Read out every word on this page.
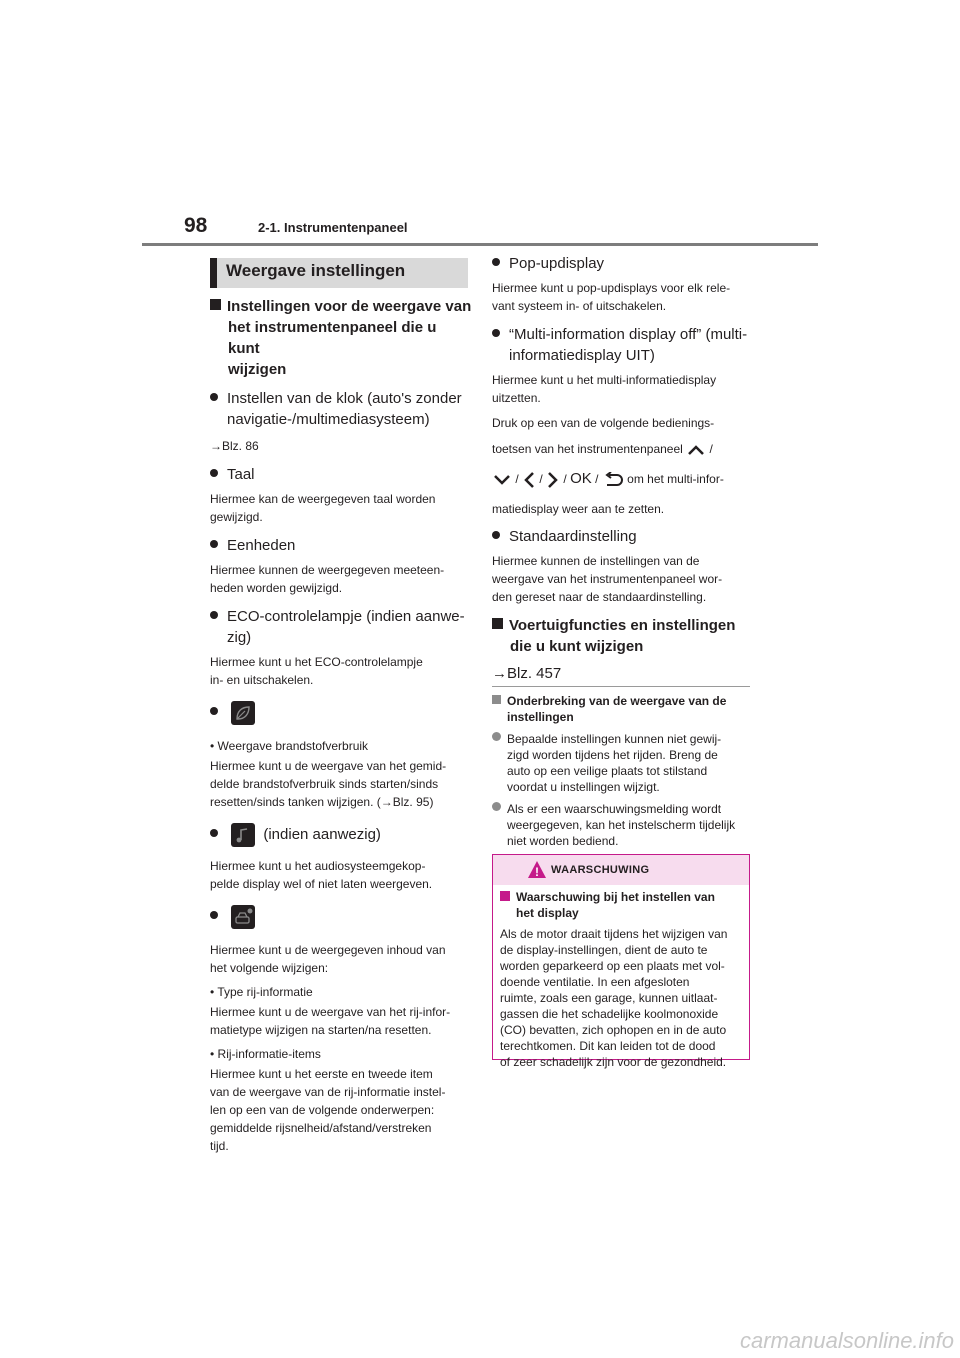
98	2-1. Instrumentenpaneel
Weergave instellingen
Instellingen voor de weergave van
het instrumentenpaneel die u kunt
wijzigen
Instellen van de klok (auto's zonder
navigatie-/multimediasysteem)
→Blz. 86
Taal
Hiermee kan de weergegeven taal worden
gewijzigd.
Eenheden
Hiermee kunnen de weergegeven meeteen-
heden worden gewijzigd.
ECO-controlelampje (indien aanwe-
zig)
Hiermee kunt u het ECO-controlelampje
in- en uitschakelen.

• Weergave brandstofverbruik
Hiermee kunt u de weergave van het gemid-
delde brandstofverbruik sinds starten/sinds
resetten/sinds tanken wijzigen. (→Blz. 95)
(indien aanwezig)
Hiermee kunt u het audiosysteemgekop-
pelde display wel of niet laten weergeven.

Hiermee kunt u de weergegeven inhoud van
het volgende wijzigen:
• Type rij-informatie
Hiermee kunt u de weergave van het rij-infor-
matietype wijzigen na starten/na resetten.
• Rij-informatie-items
Hiermee kunt u het eerste en tweede item
van de weergave van de rij-informatie instel-
len op een van de volgende onderwerpen:
gemiddelde rijsnelheid/afstand/verstreken
tijd.
Pop-updisplay
Hiermee kunt u pop-updisplays voor elk rele-
vant systeem in- of uitschakelen.
“Multi-information display off” (multi-
informatiedisplay UIT)
Hiermee kunt u het multi-informatiedisplay
uitzetten.
Druk op een van de volgende bedienings-
toetsen van het instrumentenpaneel /
/ / / OK / om het multi-infor-
matiedisplay weer aan te zetten.
Standaardinstelling
Hiermee kunnen de instellingen van de
weergave van het instrumentenpaneel wor-
den gereset naar de standaardinstelling.
Voertuigfuncties en instellingen
die u kunt wijzigen
→Blz. 457
Onderbreking van de weergave van de
instellingen
Bepaalde instellingen kunnen niet gewij-
zigd worden tijdens het rijden. Breng de
auto op een veilige plaats tot stilstand
voordat u instellingen wijzigt.
Als er een waarschuwingsmelding wordt
weergegeven, kan het instelscherm tijdelijk
niet worden bediend.
! WAARSCHUWING
Waarschuwing bij het instellen van
het display
Als de motor draait tijdens het wijzigen van
de display-instellingen, dient de auto te
worden geparkeerd op een plaats met vol-
doende ventilatie. In een afgesloten
ruimte, zoals een garage, kunnen uitlaat-
gassen die het schadelijke koolmonoxide
(CO) bevatten, zich ophopen en in de auto
terechtkomen. Dit kan leiden tot de dood
of zeer schadelijk zijn voor de gezondheid.
carmanualsonline.info
